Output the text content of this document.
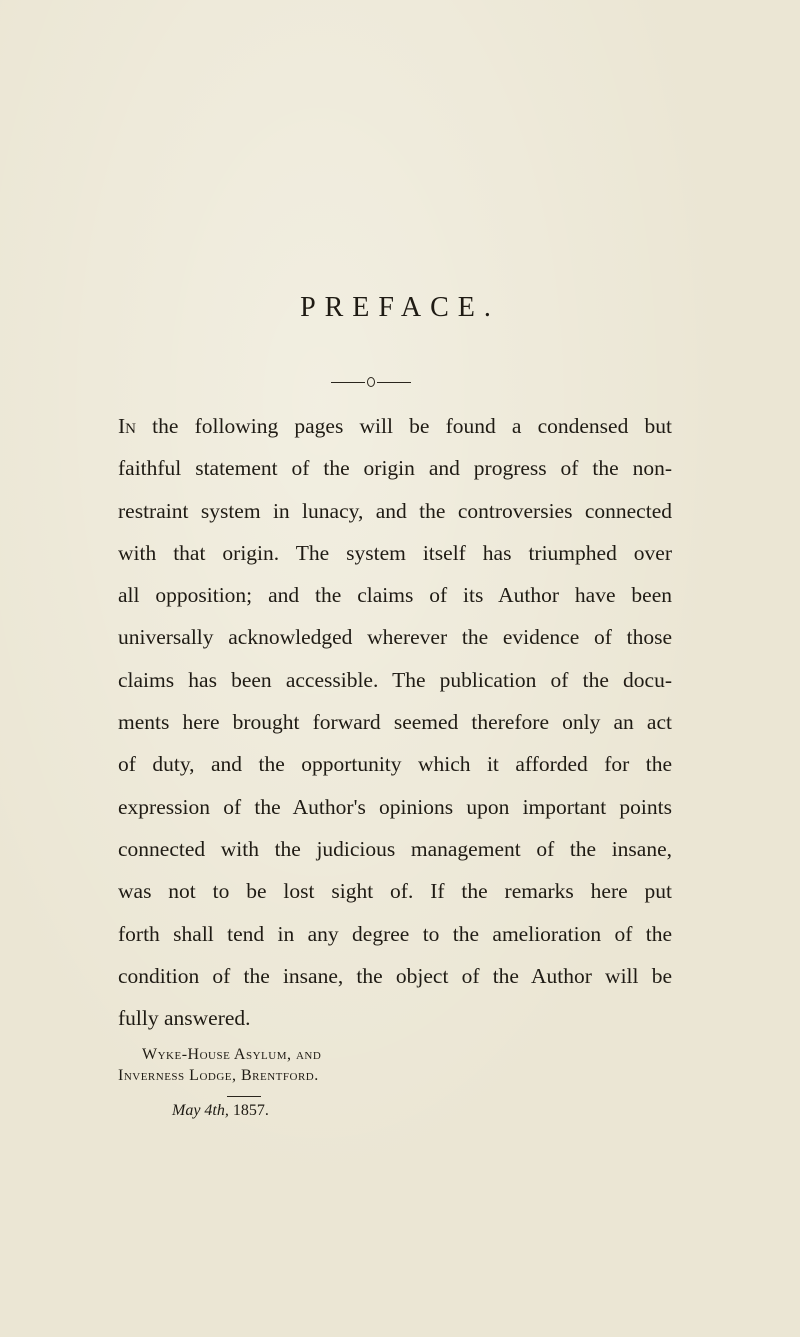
PREFACE.
In the following pages will be found a condensed but
faithful statement of the origin and progress of the non-
restraint system in lunacy, and the controversies connected
with that origin. The system itself has triumphed over
all opposition; and the claims of its Author have been
universally acknowledged wherever the evidence of those
claims has been accessible. The publication of the docu-
ments here brought forward seemed therefore only an act
of duty, and the opportunity which it afforded for the
expression of the Author's opinions upon important points
connected with the judicious management of the insane,
was not to be lost sight of. If the remarks here put
forth shall tend in any degree to the amelioration of the
condition of the insane, the object of the Author will be
fully answered.
Wyke-House Asylum, and
Inverness Lodge, Brentford.
May 4th, 1857.
